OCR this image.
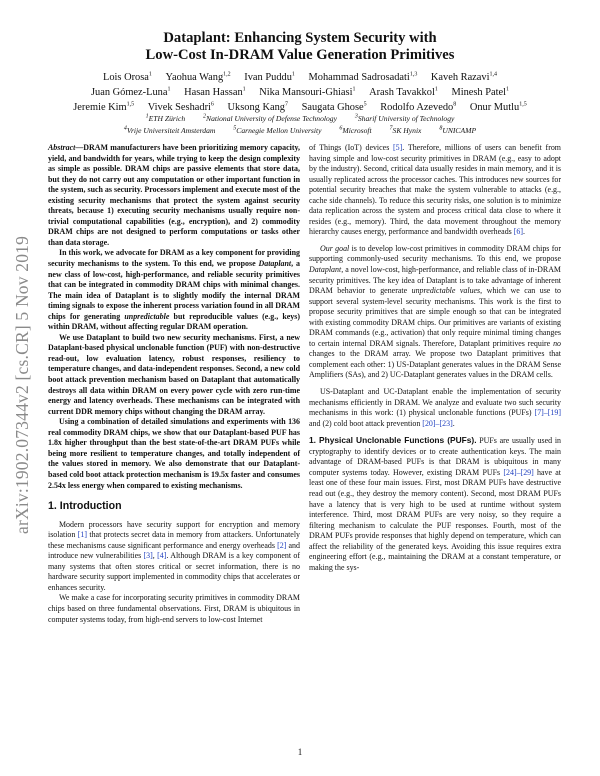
Dataplant: Enhancing System Security with
Low-Cost In-DRAM Value Generation Primitives
Lois Orosa$^1$ Yaohua Wang$^{1,2}$ Ivan Puddu$^1$ Mohammad Sadrosadati$^{1,3}$ Kaveh Razavi$^{1,4}$
Juan Gómez-Luna$^1$ Hasan Hassan$^1$ Nika Mansouri-Ghiasi$^1$ Arash Tavakkol$^1$ Minesh Patel$^1$
Jeremie Kim$^{1,5}$ Vivek Seshadri$^6$ Uksong Kang$^7$ Saugata Ghose$^5$ Rodolfo Azevedo$^8$ Onur Mutlu$^{1,5}$
$^1$ETH Zürich	$^2$National University of Defense Technology	$^3$Sharif University of Technology
$^4$Vrije Universiteit Amsterdam	$^5$Carnegie Mellon University	$^6$Microsoft	$^7$SK Hynix	$^8$UNICAMP
arXiv:1902.07344v2 [cs.CR] 5 Nov 2019

Abstract—DRAM manufacturers have been prioritizing memory capacity, yield, and bandwidth for years, while trying to keep the design complexity as simple as possible. DRAM chips are passive elements that store data, but they do not carry out any computation or other important function in the system, such as security. Processors implement and execute most of the existing security mechanisms that protect the system against security threats, because 1) executing security mechanisms usually require non-trivial computational capabilities (e.g., encryption), and 2) commodity DRAM chips are not designed to perform computations or tasks other than data storage.

In this work, we advocate for DRAM as a key component for providing security mechanisms to the system. To this end, we propose Dataplant, a new class of low-cost, high-performance, and reliable security primitives that can be integrated in commodity DRAM chips with minimal changes. The main idea of Dataplant is to slightly modify the internal DRAM timing signals to expose the inherent process variation found in all DRAM chips for generating unpredictable but reproducible values (e.g., keys) within DRAM, without affecting regular DRAM operation.

We use Dataplant to build two new security mechanisms. First, a new Dataplant-based physical unclonable function (PUF) with non-destructive read-out, low evaluation latency, robust responses, resiliency to temperature changes, and data-independent responses. Second, a new cold boot attack prevention mechanism based on Dataplant that automatically destroys all data within DRAM on every power cycle with zero run-time energy and latency overheads. These mechanisms can be integrated with current DDR memory chips without changing the DRAM array.

Using a combination of detailed simulations and experiments with 136 real commodity DRAM chips, we show that our Dataplant-based PUF has 1.8x higher throughput than the best state-of-the-art DRAM PUFs while being more resilient to temperature changes, and totally independent of the values stored in memory. We also demonstrate that our Dataplant-based cold boot attack protection mechanism is 19.5x faster and consumes 2.54x less energy when compared to existing mechanisms.

1. Introduction

Modern processors have security support for encryption and memory isolation [1] that protects secret data in memory from attackers. Unfortunately these mechanisms cause significant performance and energy overheads [2] and introduce new vulnerabilities [3], [4]. Although DRAM is a key component of many systems that often stores critical or secret information, there is no hardware security support implemented in commodity chips that accelerates or enhances security.

We make a case for incorporating security primitives in commodity DRAM chips based on three fundamental observations. First, DRAM is ubiquitous in computer systems today, from high-end servers to low-cost Internet

of Things (IoT) devices [5]. Therefore, millions of users can benefit from having simple and low-cost security primitives in DRAM (e.g., easy to adopt by the industry). Second, critical data usually resides in main memory, and it is usually replicated across the processor caches. This introduces new sources for potential security breaches that make the system vulnerable to attacks (e.g., cache side channels). To reduce this security risks, one solution is to minimize data replication across the system and process critical data close to where it resides (e.g., memory). Third, the data movement throughout the memory hierarchy causes energy, performance and bandwidth overheads [6].

Our goal is to develop low-cost primitives in commodity DRAM chips for supporting commonly-used security mechanisms. To this end, we propose Dataplant, a novel low-cost, high-performance, and reliable class of in-DRAM security primitives. The key idea of Dataplant is to take advantage of inherent DRAM behavior to generate unpredictable values, which we can use to support several system-level security mechanisms. This work is the first to propose security primitives that are simple enough so that can be integrated with existing commodity DRAM chips. Our primitives are variants of existing DRAM commands (e.g., activation) that only require minimal timing changes to certain internal DRAM signals. Therefore, Dataplant primitives require no changes to the DRAM array. We propose two Dataplant primitives that complement each other: 1) US-Dataplant generates values in the DRAM Sense Amplifiers (SAs), and 2) UC-Dataplant generates values in the DRAM cells.

US-Dataplant and UC-Dataplant enable the implementation of security mechanisms efficiently in DRAM. We analyze and evaluate two such security mechanisms in this work: (1) physical unclonable functions (PUFs) [7]–[19] and (2) cold boot attack prevention [20]–[23].

1. Physical Unclonable Functions (PUFs). PUFs are usually used in cryptography to identify devices or to create authentication keys. The main advantage of DRAM-based PUFs is that DRAM is ubiquitous in many computer systems today. However, existing DRAM PUFs [24]–[29] have at least one of these four main issues. First, most DRAM PUFs have destructive read out (e.g., they destroy the memory content). Second, most DRAM PUFs have a latency that is very high to be used at runtime without system interference. Third, most DRAM PUFs are very noisy, so they require a filtering mechanism to calculate the PUF responses. Fourth, most of the DRAM PUFs provide responses that highly depend on temperature, which can affect the reliability of the generated keys. Avoiding this issue requires extra engineering effort (e.g., maintaining the DRAM at a constant temperature, or making the sys-

1
